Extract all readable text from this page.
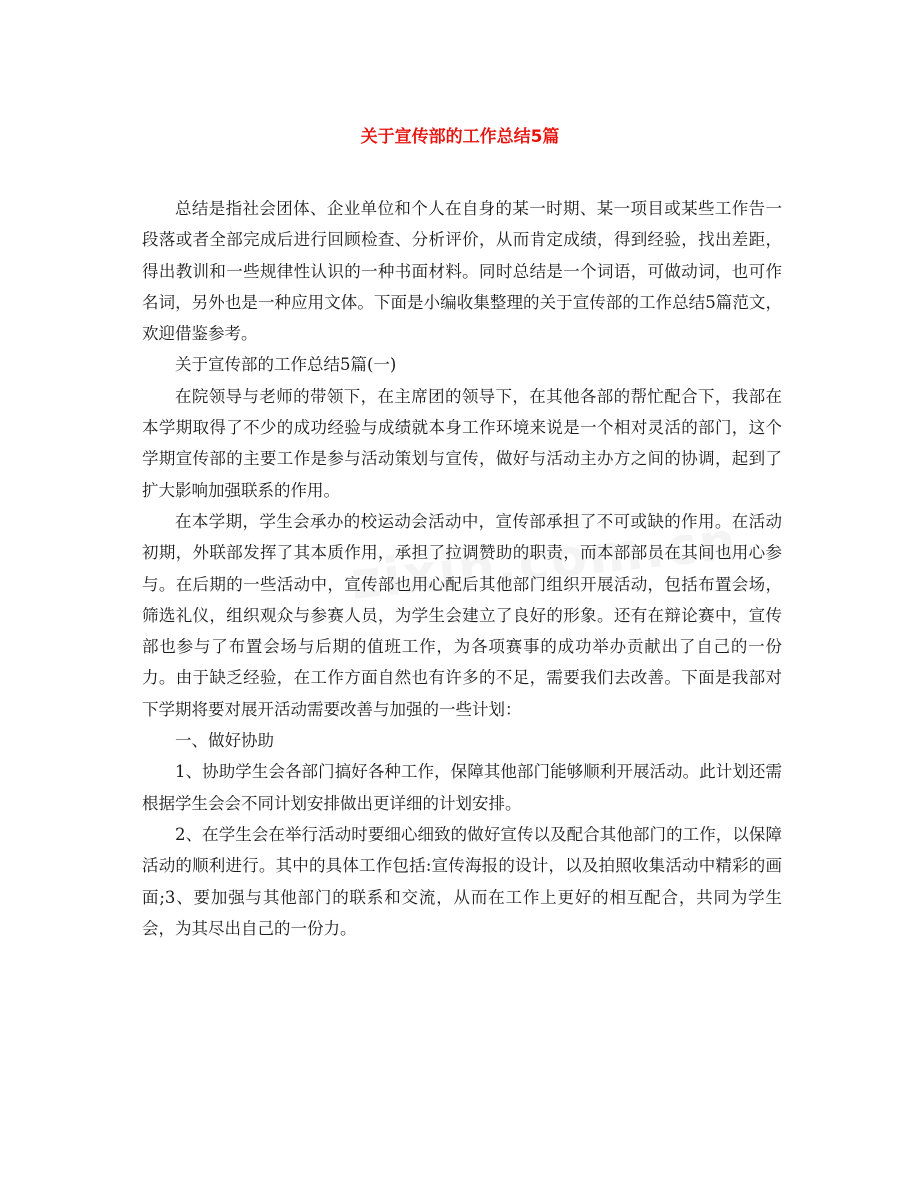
关于宣传部的工作总结5篇

总结是指社会团体、企业单位和个人在自身的某一时期、某一项目或某些工作告一段落或者全部完成后进行回顾检查、分析评价，从而肯定成绩，得到经验，找出差距，得出教训和一些规律性认识的一种书面材料。同时总结是一个词语，可做动词，也可作名词，另外也是一种应用文体。下面是小编收集整理的关于宣传部的工作总结5篇范文，欢迎借鉴参考。

关于宣传部的工作总结5篇(一)

在院领导与老师的带领下，在主席团的领导下，在其他各部的帮忙配合下，我部在本学期取得了不少的成功经验与成绩就本身工作环境来说是一个相对灵活的部门，这个学期宣传部的主要工作是参与活动策划与宣传，做好与活动主办方之间的协调，起到了扩大影响加强联系的作用。

在本学期，学生会承办的校运动会活动中，宣传部承担了不可或缺的作用。在活动初期，外联部发挥了其本质作用，承担了拉调赞助的职责，而本部部员在其间也用心参与。在后期的一些活动中，宣传部也用心配后其他部门组织开展活动，包括布置会场，筛选礼仪，组织观众与参赛人员，为学生会建立了良好的形象。还有在辩论赛中，宣传部也参与了布置会场与后期的值班工作，为各项赛事的成功举办贡献出了自己的一份力。由于缺乏经验，在工作方面自然也有许多的不足，需要我们去改善。下面是我部对下学期将要对展开活动需要改善与加强的一些计划：

一、做好协助

1、协助学生会各部门搞好各种工作，保障其他部门能够顺利开展活动。此计划还需根据学生会会不同计划安排做出更详细的计划安排。

2、在学生会在举行活动时要细心细致的做好宣传以及配合其他部门的工作，以保障活动的顺利进行。其中的具体工作包括:宣传海报的设计，以及拍照收集活动中精彩的画面;3、要加强与其他部门的联系和交流，从而在工作上更好的相互配合，共同为学生会，为其尽出自己的一份力。
